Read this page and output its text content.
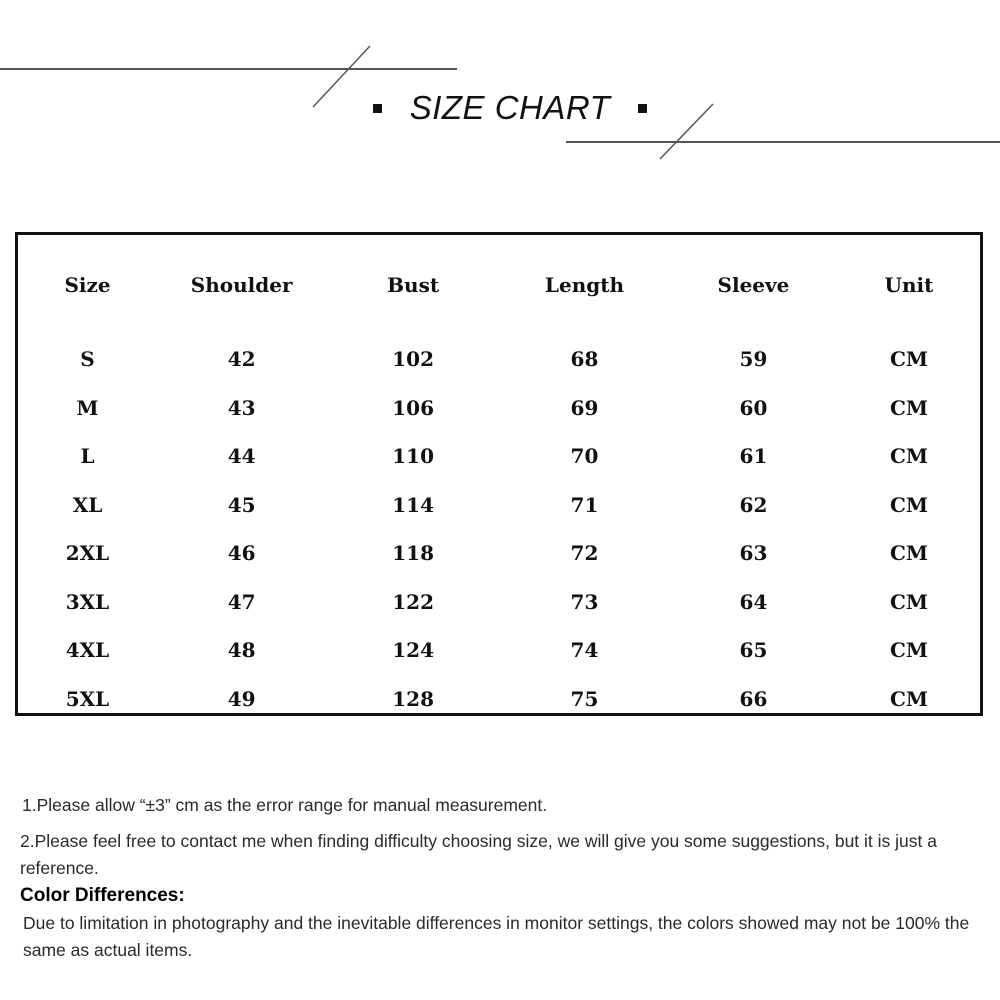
SIZE CHART
Size	Shoulder	Bust	Length	Sleeve	Unit
S	42	102	68	59	CM
M	43	106	69	60	CM
L	44	110	70	61	CM
XL	45	114	71	62	CM
2XL	46	118	72	63	CM
3XL	47	122	73	64	CM
4XL	48	124	74	65	CM
5XL	49	128	75	66	CM

1.Please allow “±3” cm as the error range for manual measurement.

2.Please feel free to contact me when finding difficulty choosing size, we will give you some suggestions, but it is just a reference.

Color Differences:

Due to limitation in photography and the inevitable differences in monitor settings, the colors showed may not be 100% the same as actual items.
